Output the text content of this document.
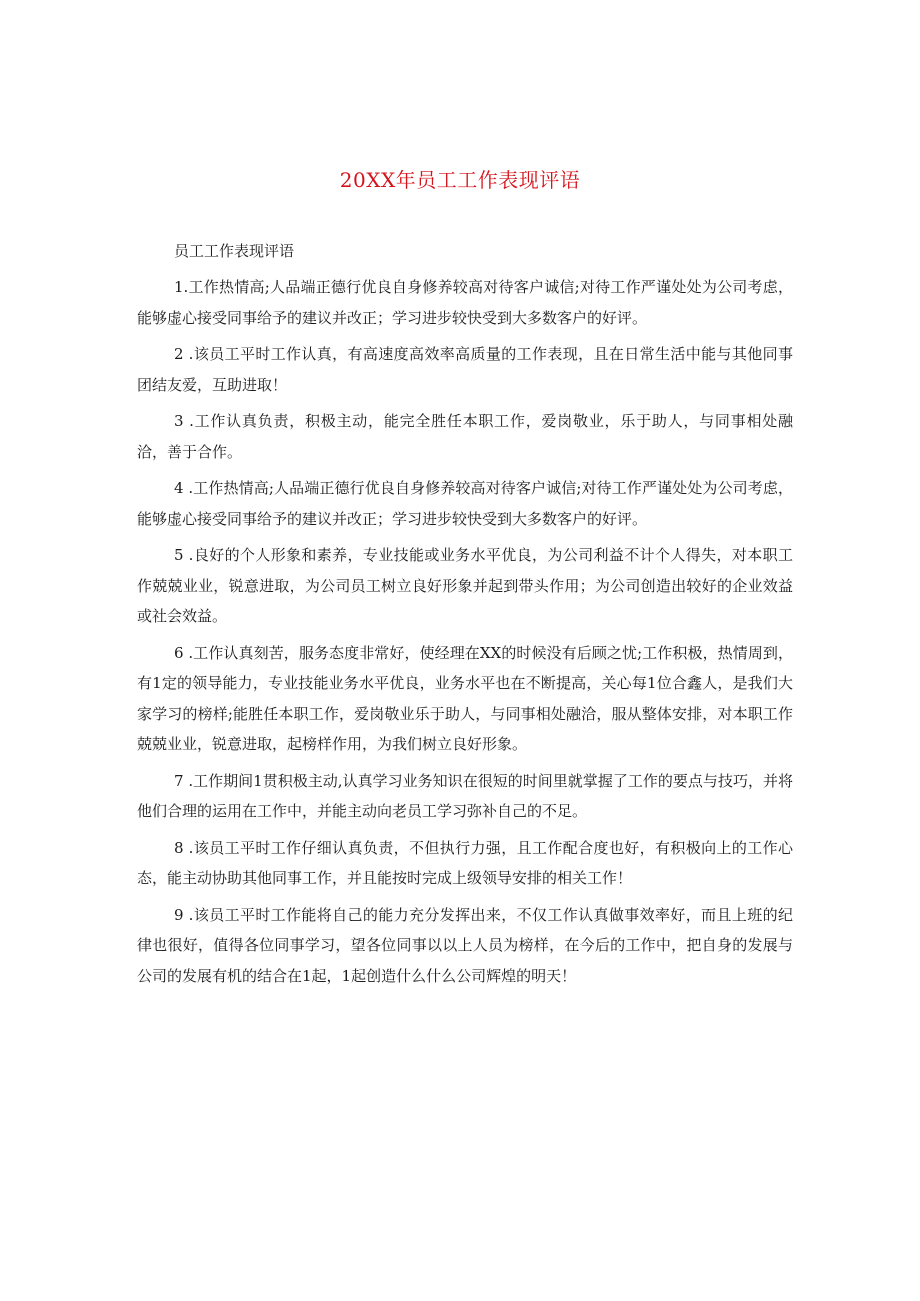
20XX年员工工作表现评语

员工工作表现评语

1.工作热情高;人品端正德行优良自身修养较高对待客户诚信;对待工作严谨处处为公司考虑，能够虚心接受同事给予的建议并改正；学习进步较快受到大多数客户的好评。

2 .该员工平时工作认真，有高速度高效率高质量的工作表现，且在日常生活中能与其他同事团结友爱，互助进取！

3 .工作认真负责，积极主动，能完全胜任本职工作，爱岗敬业，乐于助人，与同事相处融洽，善于合作。

4 .工作热情高;人品端正德行优良自身修养较高对待客户诚信;对待工作严谨处处为公司考虑，能够虚心接受同事给予的建议并改正；学习进步较快受到大多数客户的好评。

5 .良好的个人形象和素养，专业技能或业务水平优良，为公司利益不计个人得失，对本职工作兢兢业业，锐意进取，为公司员工树立良好形象并起到带头作用；为公司创造出较好的企业效益或社会效益。

6 .工作认真刻苦，服务态度非常好，使经理在XX的时候没有后顾之忧;工作积极，热情周到，有1定的领导能力，专业技能业务水平优良，业务水平也在不断提高，关心每1位合鑫人，是我们大家学习的榜样;能胜任本职工作，爱岗敬业乐于助人，与同事相处融洽，服从整体安排，对本职工作兢兢业业，锐意进取，起榜样作用，为我们树立良好形象。

7 .工作期间1贯积极主动,认真学习业务知识在很短的时间里就掌握了工作的要点与技巧，并将他们合理的运用在工作中，并能主动向老员工学习弥补自己的不足。

8 .该员工平时工作仔细认真负责，不但执行力强，且工作配合度也好，有积极向上的工作心态，能主动协助其他同事工作，并且能按时完成上级领导安排的相关工作！

9 .该员工平时工作能将自己的能力充分发挥出来，不仅工作认真做事效率好，而且上班的纪律也很好，值得各位同事学习，望各位同事以以上人员为榜样，在今后的工作中，把自身的发展与公司的发展有机的结合在1起，1起创造什么什么公司辉煌的明天！
